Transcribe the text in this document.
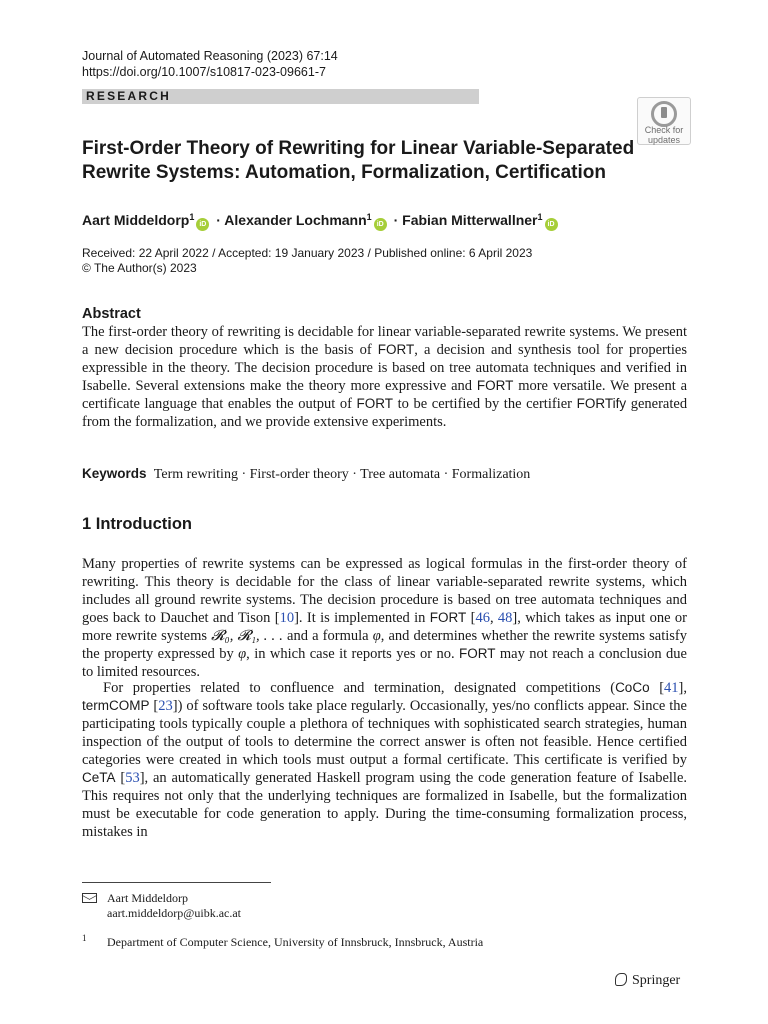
Journal of Automated Reasoning (2023) 67:14
https://doi.org/10.1007/s10817-023-09661-7
RESEARCH
Check for
updates
First-Order Theory of Rewriting for Linear Variable-Separated Rewrite Systems: Automation, Formalization, Certification
Aart Middeldorp$^1$iD · Alexander Lochmann$^1$iD · Fabian Mitterwallner$^1$iD
Received: 22 April 2022 / Accepted: 19 January 2023 / Published online: 6 April 2023
© The Author(s) 2023
Abstract
The first-order theory of rewriting is decidable for linear variable-separated rewrite systems. We present a new decision procedure which is the basis of FORT, a decision and synthesis tool for properties expressible in the theory. The decision procedure is based on tree automata techniques and verified in Isabelle. Several extensions make the theory more expressive and FORT more versatile. We present a certificate language that enables the output of FORT to be certified by the certifier FORTify generated from the formalization, and we provide extensive experiments.
Keywords Term rewriting · First-order theory · Tree automata · Formalization
1 Introduction
Many properties of rewrite systems can be expressed as logical formulas in the first-order theory of rewriting. This theory is decidable for the class of linear variable-separated rewrite systems, which includes all ground rewrite systems. The decision procedure is based on tree automata techniques and goes back to Dauchet and Tison [10]. It is implemented in FORT [46, 48], which takes as input one or more rewrite systems 𝓡₀, 𝓡₁, . . . and a formula φ, and determines whether the rewrite systems satisfy the property expressed by φ, in which case it reports yes or no. FORT may not reach a conclusion due to limited resources.
For properties related to confluence and termination, designated competitions (CoCo [41], termCOMP [23]) of software tools take place regularly. Occasionally, yes/no conflicts appear. Since the participating tools typically couple a plethora of techniques with sophisticated search strategies, human inspection of the output of tools to determine the correct answer is often not feasible. Hence certified categories were created in which tools must output a formal certificate. This certificate is verified by CeTA [53], an automatically generated Haskell program using the code generation feature of Isabelle. This requires not only that the underlying techniques are formalized in Isabelle, but the formalization must be executable for code generation to apply. During the time-consuming formalization process, mistakes in
Aart Middeldorp
aart.middeldorp@uibk.ac.at
1 Department of Computer Science, University of Innsbruck, Innsbruck, Austria
Springer
